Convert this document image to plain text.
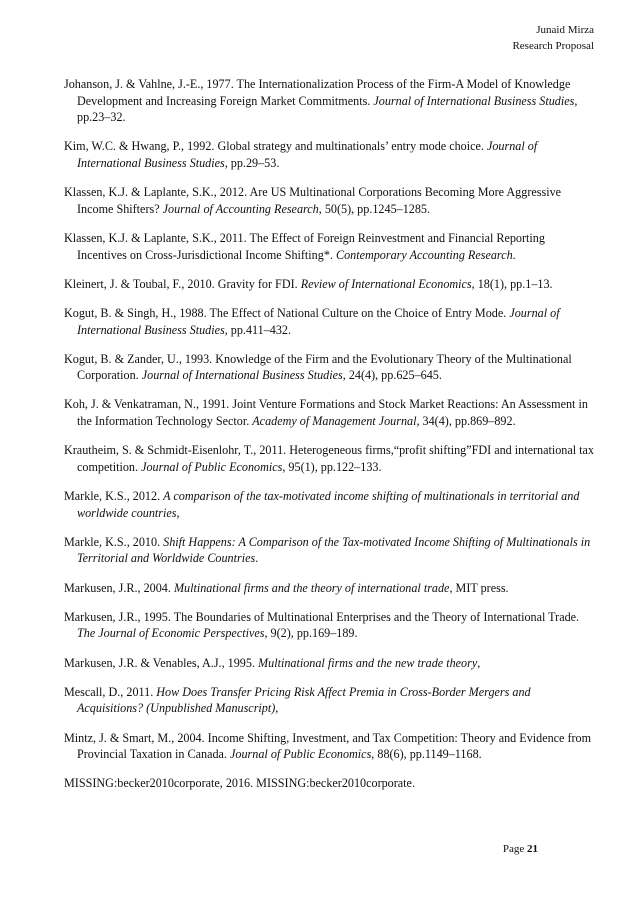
Junaid Mirza
Research Proposal
Johanson, J. & Vahlne, J.-E., 1977. The Internationalization Process of the Firm-A Model of Knowledge Development and Increasing Foreign Market Commitments. Journal of International Business Studies, pp.23–32.
Kim, W.C. & Hwang, P., 1992. Global strategy and multinationals’ entry mode choice. Journal of International Business Studies, pp.29–53.
Klassen, K.J. & Laplante, S.K., 2012. Are US Multinational Corporations Becoming More Aggressive Income Shifters? Journal of Accounting Research, 50(5), pp.1245–1285.
Klassen, K.J. & Laplante, S.K., 2011. The Effect of Foreign Reinvestment and Financial Reporting Incentives on Cross-Jurisdictional Income Shifting*. Contemporary Accounting Research.
Kleinert, J. & Toubal, F., 2010. Gravity for FDI. Review of International Economics, 18(1), pp.1–13.
Kogut, B. & Singh, H., 1988. The Effect of National Culture on the Choice of Entry Mode. Journal of International Business Studies, pp.411–432.
Kogut, B. & Zander, U., 1993. Knowledge of the Firm and the Evolutionary Theory of the Multinational Corporation. Journal of International Business Studies, 24(4), pp.625–645.
Koh, J. & Venkatraman, N., 1991. Joint Venture Formations and Stock Market Reactions: An Assessment in the Information Technology Sector. Academy of Management Journal, 34(4), pp.869–892.
Krautheim, S. & Schmidt-Eisenlohr, T., 2011. Heterogeneous firms,“profit shifting”FDI and international tax competition. Journal of Public Economics, 95(1), pp.122–133.
Markle, K.S., 2012. A comparison of the tax-motivated income shifting of multinationals in territorial and worldwide countries,
Markle, K.S., 2010. Shift Happens: A Comparison of the Tax-motivated Income Shifting of Multinationals in Territorial and Worldwide Countries.
Markusen, J.R., 2004. Multinational firms and the theory of international trade, MIT press.
Markusen, J.R., 1995. The Boundaries of Multinational Enterprises and the Theory of International Trade. The Journal of Economic Perspectives, 9(2), pp.169–189.
Markusen, J.R. & Venables, A.J., 1995. Multinational firms and the new trade theory,
Mescall, D., 2011. How Does Transfer Pricing Risk Affect Premia in Cross-Border Mergers and Acquisitions? (Unpublished Manuscript),
Mintz, J. & Smart, M., 2004. Income Shifting, Investment, and Tax Competition: Theory and Evidence from Provincial Taxation in Canada. Journal of Public Economics, 88(6), pp.1149–1168.
MISSING:becker2010corporate, 2016. MISSING:becker2010corporate.
Page 21
